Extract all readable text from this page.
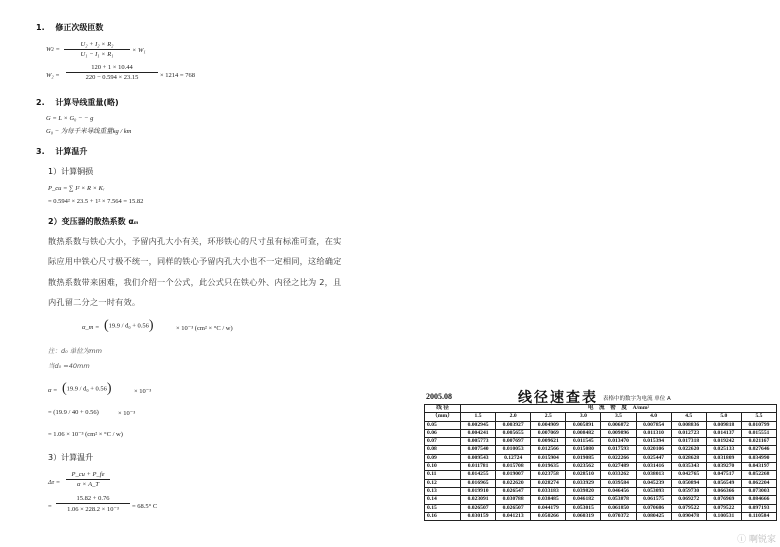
1. 修正次级匝数
W2 =
U₂ + I₂ × R₂
U₁ − I₁ × R₁
× W₁
W₂ =
120 + 1 × 10.44
220 − 0.594 × 23.15	× 1214 = 768
2. 计算导线重量(略)
G = L × G₀ − − g
G₀ − 为每千米导线重量kg / km
3. 计算温升
1）计算铜损
P_cu = ∑ I² × R × Kᵣ
= 0.594² × 23.5 + 1² × 7.564 = 15.82
2）变压器的散热系数 αm
散热系数与铁心大小，予留内孔大小有关，环形铁心的尺寸虽有标准可查，在实
际应用中铁心尺寸极不统一，同样的铁心予留内孔大小也不一定相同，这给确定
散热系数带来困难，我们介绍一个公式，此公式只在铁心外、内径之比为 2，且
内孔留二分之一时有效。
α_m = (19.9 / d₀ + 0.56)	× 10⁻³ (cm² × °C / w)
注：d₀ 单位为mm
当d₀ =40mm
α = (19.9 / d₀ + 0.56)	× 10⁻³
= (19.9 / 40 + 0.56)	× 10⁻³
= 1.06 × 10⁻³ (cm² × °C / w)
3）计算温升
Δτ =
P_cu + P_fe
α × A_T
=
15.82 + 0.76
1.06 × 228.2 × 10⁻³	= 68.5° C
2005.08	线径速查表 表格中的数字为电流 单位 A
线 径	电　流　密　度　A/mm²								
（mm）	1.5	2.0	2.5	3.0	3.5	4.0	4.5	5.0	5.5
0.05	0.002945	0.003927	0.004909	0.005891	0.006872	0.007854	0.008836	0.009818	0.010799
0.06	0.004241	0.005655	0.007069	0.008482	0.009896	0.011310	0.012723	0.014137	0.015551
0.07	0.005773	0.007697	0.009621	0.011545	0.013470	0.015394	0.017318	0.019242	0.021167
0.08	0.007540	0.010053	0.012566	0.015080	0.017593	0.020106	0.022620	0.025133	0.027646
0.09	0.009543	0.12724	0.015904	0.019085	0.022266	0.025447	0.028628	0.031809	0.034990
0.10	0.011781	0.015708	0.019635	0.023562	0.027489	0.031416	0.035343	0.039270	0.043197
0.11	0.014255	0.019007	0.023758	0.028510	0.033262	0.038013	0.042765	0.047517	0.052268
0.12	0.016965	0.022620	0.028274	0.033929	0.039584	0.045239	0.050894	0.056549	0.062204
0.13	0.019910	0.026547	0.033183	0.039820	0.046456	0.053093	0.059730	0.066366	0.073003
0.14	0.023091	0.030788	0.038485	0.046182	0.053878	0.061575	0.069272	0.076969	0.084666
0.15	0.026507	0.026507	0.044179	0.053015	0.061850	0.070686	0.079522	0.079522	0.097193
0.16	0.030159	0.041213	0.050266	0.060319	0.070372	0.080425	0.090478	0.100531	0.110584
ⓘ 啊锐家
